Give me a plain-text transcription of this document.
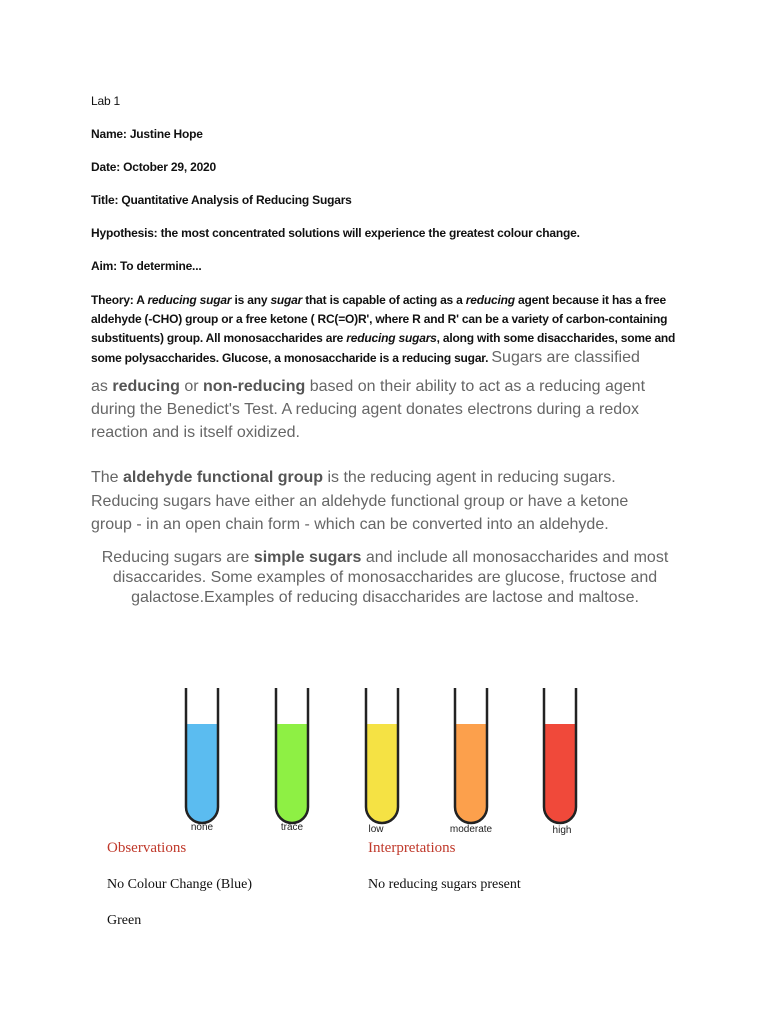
Lab 1
Name: Justine Hope
Date: October 29, 2020
Title: Quantitative Analysis of Reducing Sugars
Hypothesis: the most concentrated solutions will experience the greatest colour change.
Aim: To determine...
Theory: A reducing sugar is any sugar that is capable of acting as a reducing agent because it has a free aldehyde (-CHO) group or a free ketone ( RC(=O)R', where R and R' can be a variety of carbon-containing substituents) group. All monosaccharides are reducing sugars, along with some disaccharides, some and some polysaccharides. Glucose, a monosaccharide is a reducing sugar. Sugars are classified
as reducing or non-reducing based on their ability to act as a reducing agent during the Benedict's Test. A reducing agent donates electrons during a redox reaction and is itself oxidized.
The aldehyde functional group is the reducing agent in reducing sugars. Reducing sugars have either an aldehyde functional group or have a ketone group - in an open chain form - which can be converted into an aldehyde.
Reducing sugars are simple sugars and include all monosaccharides and most disaccarides. Some examples of monosaccharides are glucose, fructose and galactose.Examples of reducing disaccharides are lactose and maltose.
none	trace	low	moderate	high
Observations	Interpretations
No Colour Change (Blue)	No reducing sugars present
Green
